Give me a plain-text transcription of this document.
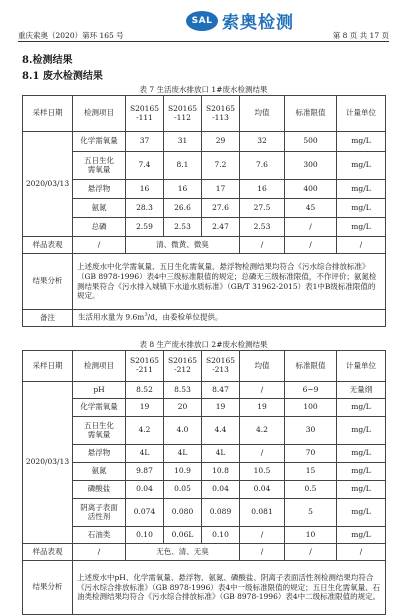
SAL 索奥检测
重庆索奥（2020）第环 165 号	第 8 页 共 17 页
8.检测结果
8.1 废水检测结果
表 7 生活废水排放口 1#废水检测结果
采样日期	检测项目	S20165
-111	S20165
-112	S20165
-113	均值	标准限值	计量单位
2020/03/13	化学需氧量	37	31	29	32	500	mg/L
	五日生化
需氧量	7.4	8.1	7.2	7.6	300	mg/L
	悬浮物	16	16	17	16	400	mg/L
	氨氮	28.3	26.6	27.6	27.5	45	mg/L
	总磷	2.59	2.53	2.47	2.53	/	mg/L
样品表观	/	清、微黄、微臭			/	/	/
结果分析	上述废水中化学需氧量、五日生化需氧量、悬浮物检测结果均符合《污水综合排放标准》（GB 8978-1996）表4中三级标准限值的规定；总磷无三级标准限值，不作评价；氨氮检测结果符合《污水排入城镇下水道水质标准》（GB/T 31962-2015）表1中B级标准限值的规定。						
备注	生活用水量为 $9.6m^3/d$，由委检单位提供。						
表 8 生产废水排放口 2#废水检测结果
采样日期	检测项目	S20165
-211	S20165
-212	S20165
-213	均值	标准限值	计量单位
2020/03/13	pH	8.52	8.53	8.47	/	6~9	无量纲
	化学需氧量	19	20	19	19	100	mg/L
	五日生化
需氧量	4.2	4.0	4.4	4.2	30	mg/L
	悬浮物	4L	4L	4L	/	70	mg/L
	氨氮	9.87	10.9	10.8	10.5	15	mg/L
	磷酸盐	0.04	0.05	0.04	0.04	0.5	mg/L
	阴离子表面
活性剂	0.074	0.080	0.089	0.081	5	mg/L
	石油类	0.10	0.06L	0.10	/	10	mg/L
样品表观	/	无色、清、无臭			/	/	/
结果分析	上述废水中pH、化学需氧量、悬浮物、氨氮、磷酸盐、阴离子表面活性剂检测结果均符合《污水综合排放标准》（GB 8978-1996）表4中一级标准限值的规定；五日生化需氧量、石油类检测结果均符合《污水综合排放标准》（GB 8978-1996）表4中二级标准限值的规定。						
